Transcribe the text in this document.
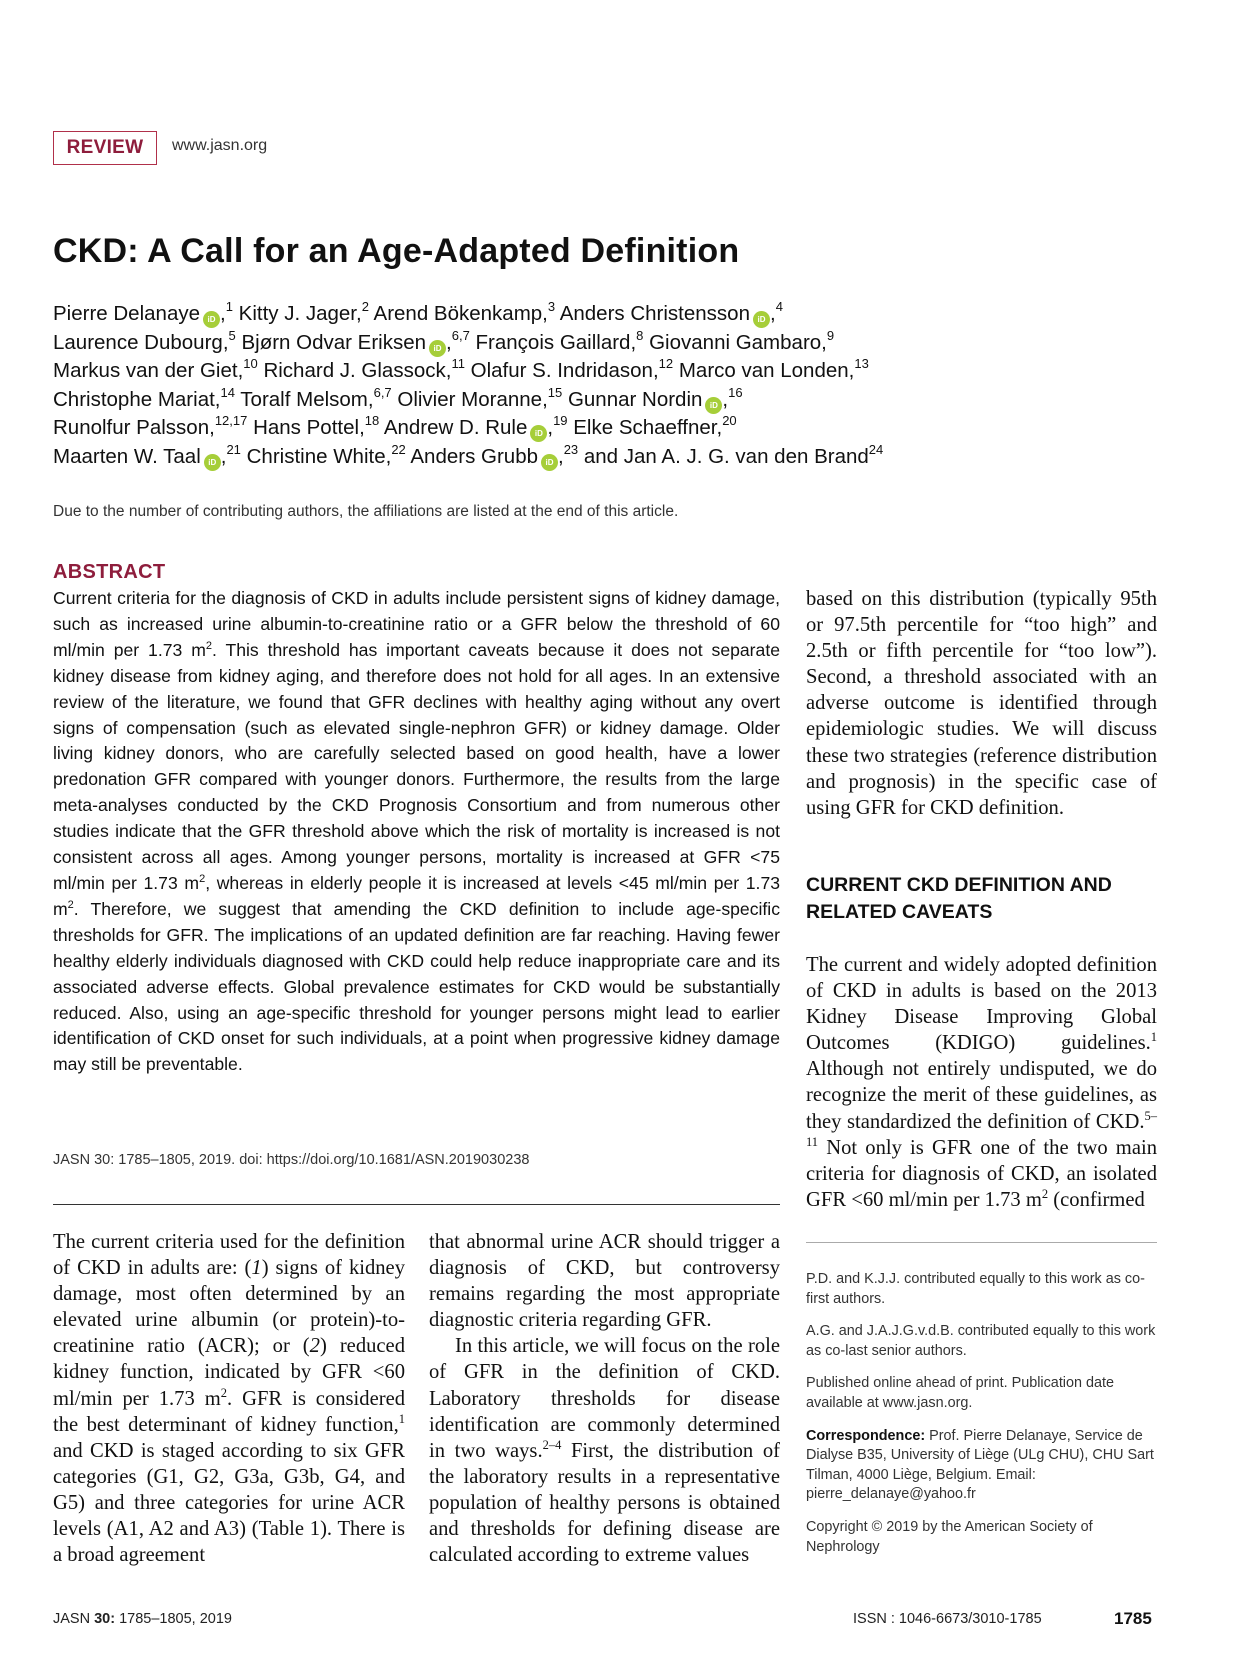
REVIEW	www.jasn.org
CKD: A Call for an Age-Adapted Definition
Pierre Delanaye iD ,$^1$ Kitty J. Jager,$^2$ Arend Bökenkamp,$^3$ Anders Christensson iD ,$^4$
Laurence Dubourg,$^5$ Bjørn Odvar Eriksen iD ,$^{6,7}$ François Gaillard,$^8$ Giovanni Gambaro,$^9$
Markus van der Giet,$^{10}$ Richard J. Glassock,$^{11}$ Olafur S. Indridason,$^{12}$ Marco van Londen,$^{13}$
Christophe Mariat,$^{14}$ Toralf Melsom,$^{6,7}$ Olivier Moranne,$^{15}$ Gunnar Nordin iD ,$^{16}$
Runolfur Palsson,$^{12,17}$ Hans Pottel,$^{18}$ Andrew D. Rule iD ,$^{19}$ Elke Schaeffner,$^{20}$
Maarten W. Taal iD ,$^{21}$ Christine White,$^{22}$ Anders Grubb iD ,$^{23}$ and Jan A. J. G. van den Brand$^{24}$
Due to the number of contributing authors, the affiliations are listed at the end of this article.
ABSTRACT
Current criteria for the diagnosis of CKD in adults include persistent signs of kidney damage, such as increased urine albumin-to-creatinine ratio or a GFR below the threshold of 60 ml/min per 1.73 $m^2$. This threshold has important caveats because it does not separate kidney disease from kidney aging, and therefore does not hold for all ages. In an extensive review of the literature, we found that GFR declines with healthy aging without any overt signs of compensation (such as elevated single-nephron GFR) or kidney damage. Older living kidney donors, who are carefully selected based on good health, have a lower predonation GFR compared with younger donors. Furthermore, the results from the large meta-analyses conducted by the CKD Prognosis Consortium and from numerous other studies indicate that the GFR threshold above which the risk of mortality is increased is not consistent across all ages. Among younger persons, mortality is increased at GFR <75 ml/min per 1.73 $m^2$, whereas in elderly people it is increased at levels <45 ml/min per 1.73 $m^2$. Therefore, we suggest that amending the CKD definition to include age-specific thresholds for GFR. The implications of an updated definition are far reaching. Having fewer healthy elderly individuals diagnosed with CKD could help reduce inappropriate care and its associated adverse effects. Global prevalence estimates for CKD would be substantially reduced. Also, using an age-specific threshold for younger persons might lead to earlier identification of CKD onset for such individuals, at a point when progressive kidney damage may still be preventable.
JASN 30: 1785–1805, 2019. doi: https://doi.org/10.1681/ASN.2019030238

The current criteria used for the definition of CKD in adults are: (1) signs of kidney damage, most often determined by an elevated urine albumin (or protein)-to-creatinine ratio (ACR); or (2) reduced kidney function, indicated by GFR <60 ml/min per 1.73 $m^2$. GFR is considered the best determinant of kidney function,$^1$ and CKD is staged according to six GFR categories (G1, G2, G3a, G3b, G4, and G5) and three categories for urine ACR levels (A1, A2 and A3) (Table 1). There is a broad agreement

that abnormal urine ACR should trigger a diagnosis of CKD, but controversy remains regarding the most appropriate diagnostic criteria regarding GFR.

In this article, we will focus on the role of GFR in the definition of CKD. Laboratory thresholds for disease identification are commonly determined in two ways.$^{2-4}$ First, the distribution of the laboratory results in a representative population of healthy persons is obtained and thresholds for defining disease are calculated according to extreme values

based on this distribution (typically 95th or 97.5th percentile for “too high” and 2.5th or fifth percentile for “too low”). Second, a threshold associated with an adverse outcome is identified through epidemiologic studies. We will discuss these two strategies (reference distribution and prognosis) in the specific case of using GFR for CKD definition.
CURRENT CKD DEFINITION AND RELATED CAVEATS

The current and widely adopted definition of CKD in adults is based on the 2013 Kidney Disease Improving Global Outcomes (KDIGO) guidelines.$^1$ Although not entirely undisputed, we do recognize the merit of these guidelines, as they standardized the definition of CKD.$^{5-11}$ Not only is GFR one of the two main criteria for diagnosis of CKD, an isolated GFR <60 ml/min per 1.73 $m^2$ (confirmed

P.D. and K.J.J. contributed equally to this work as co-first authors.

A.G. and J.A.J.G.v.d.B. contributed equally to this work as co-last senior authors.

Published online ahead of print. Publication date available at www.jasn.org.

Correspondence: Prof. Pierre Delanaye, Service de Dialyse B35, University of Liège (ULg CHU), CHU Sart Tilman, 4000 Liège, Belgium. Email: pierre_delanaye@yahoo.fr

Copyright © 2019 by the American Society of Nephrology

JASN 30: 1785–1805, 2019	ISSN : 1046-6673/3010-1785	1785
